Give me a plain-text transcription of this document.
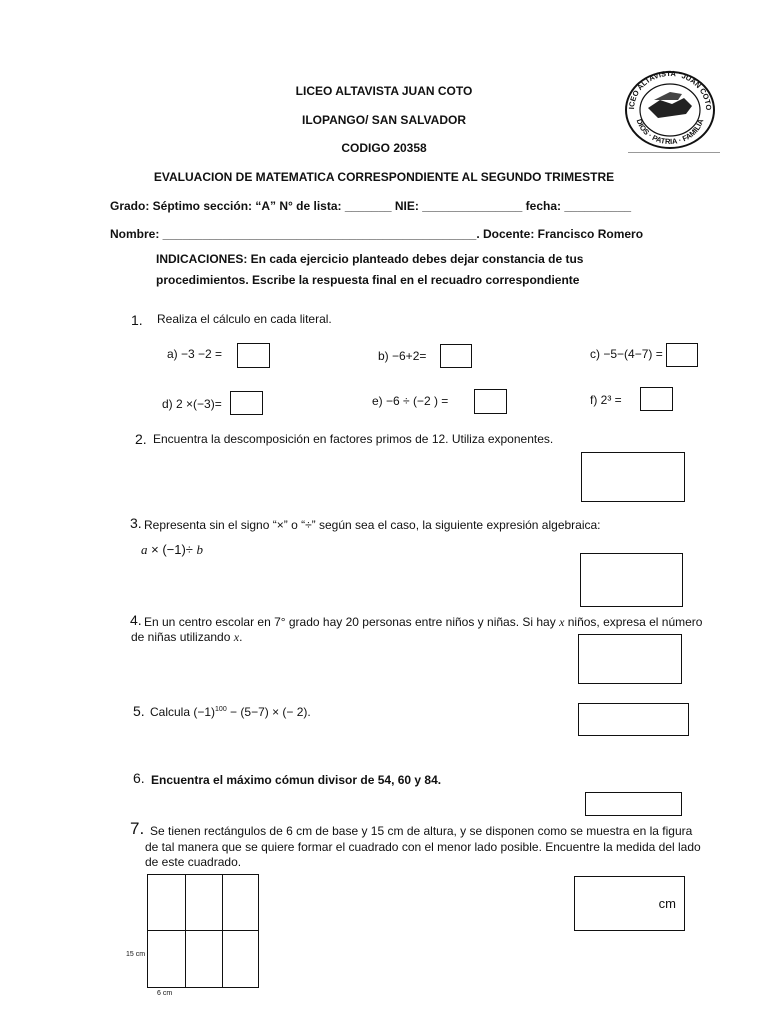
LICEO ALTAVISTA JUAN COTO
ILOPANGO/ SAN SALVADOR
CODIGO 20358
EVALUACION DE MATEMATICA CORRESPONDIENTE AL SEGUNDO TRIMESTRE
ICEO ALTAVISTA "JUAN COTO
DIOS · PATRIA · FAMILIA
Grado: Séptimo sección: “A” N° de lista: _______ NIE: _______________ fecha: __________
Nombre: _______________________________________________. Docente: Francisco Romero
INDICACIONES: En cada ejercicio planteado debes dejar constancia de tus
procedimientos. Escribe la respuesta final en el recuadro correspondiente
1. Realiza el cálculo en cada literal.
a) −3 −2 =	b) −6+2=	c) −5−(4−7) =
d) 2 ×(−3)=	e) −6 ÷ (−2 ) =	f) 2³ =
2. Encuentra la descomposición en factores primos de 12. Utiliza exponentes.
3. Representa sin el signo “×” o “÷” según sea el caso, la siguiente expresión algebraica:
a × (−1)÷ b
4. En un centro escolar en 7° grado hay 20 personas entre niños y niñas. Si hay x niños, expresa el número
de niñas utilizando x.
5. Calcula $(-1)^{100} - (5-7)$ × (− 2).
6. Encuentra el máximo cómun divisor de 54, 60 y 84.
7. Se tienen rectángulos de 6 cm de base y 15 cm de altura, y se disponen como se muestra en la figura
de tal manera que se quiere formar el cuadrado con el menor lado posible. Encuentre la medida del lado
de este cuadrado.
15 cm
6 cm
cm
